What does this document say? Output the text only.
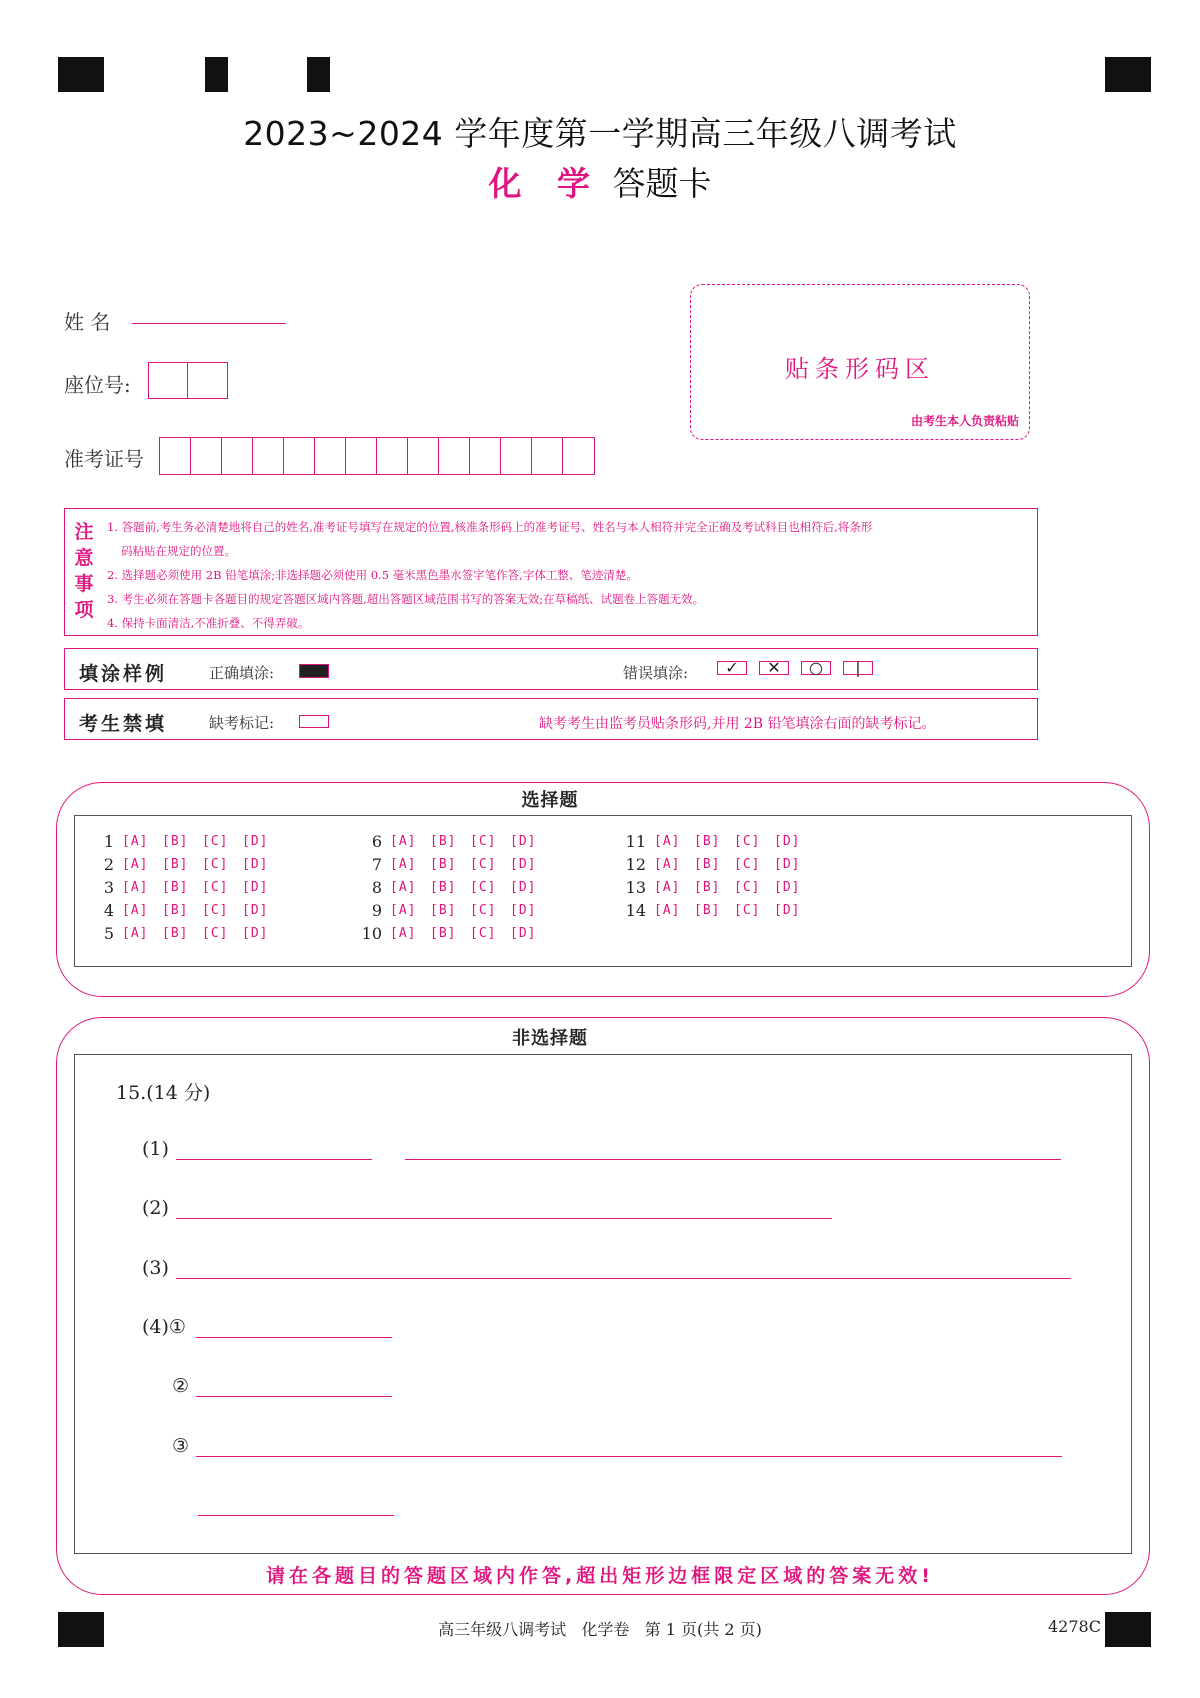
2023~2024 学年度第一学期高三年级八调考试
化 学 答题卡
姓 名
座位号:
准考证号
贴条形码区
由考生本人负责粘贴
注
意
事
项
1. 答题前,考生务必清楚地将自己的姓名,准考证号填写在规定的位置,核准条形码上的准考证号、姓名与本人相符并完全正确及考试科目也相符后,将条形
码粘贴在规定的位置。
2. 选择题必须使用 2B 铅笔填涂;非选择题必须使用 0.5 毫米黑色墨水签字笔作答,字体工整、笔迹清楚。
3. 考生必须在答题卡各题目的规定答题区域内答题,超出答题区域范围书写的答案无效;在草稿纸、试题卷上答题无效。
4. 保持卡面清洁,不准折叠、不得弄破。
填涂样例	正确填涂:	错误填涂:	✓	✕	○	|
考生禁填	缺考标记:	缺考考生由监考员贴条形码,并用 2B 铅笔填涂右面的缺考标记。
选择题
1 [A]	[B]	[C]	[D]
2 [A]	[B]	[C]	[D]
3 [A]	[B]	[C]	[D]
4 [A]	[B]	[C]	[D]
5 [A]	[B]	[C]	[D]
6 [A]	[B]	[C]	[D]
7 [A]	[B]	[C]	[D]
8 [A]	[B]	[C]	[D]
9 [A]	[B]	[C]	[D]
10 [A]	[B]	[C]	[D]
11 [A]	[B]	[C]	[D]
12 [A]	[B]	[C]	[D]
13 [A]	[B]	[C]	[D]
14 [A]	[B]	[C]	[D]
非选择题
15.(14 分)
(1)
(2)
(3)
(4)①
②
③
请在各题目的答题区域内作答,超出矩形边框限定区域的答案无效!
高三年级八调考试   化学卷   第 1 页(共 2 页)	4278C
